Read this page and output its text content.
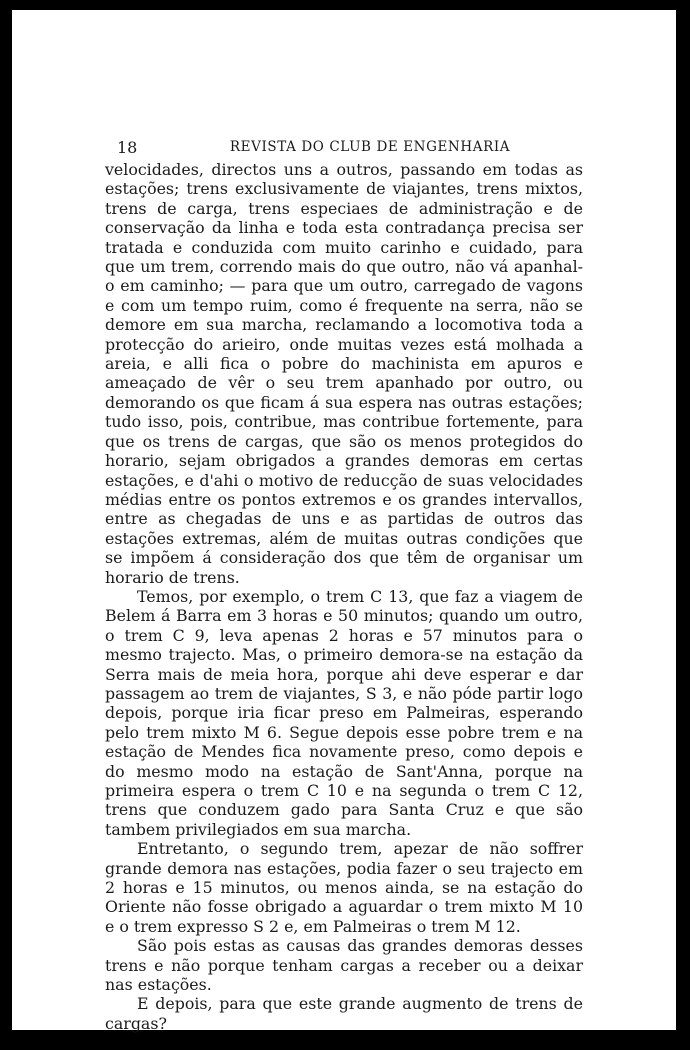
18	REVISTA DO CLUB DE ENGENHARIA

velocidades, directos uns a outros, passando em todas as estações; trens exclusivamente de viajantes, trens mixtos, trens de carga, trens especiaes de administração e de conservação da linha e toda esta contradança precisa ser tratada e conduzida com muito carinho e cuidado, para que um trem, correndo mais do que outro, não vá apanhal-o em caminho; — para que um outro, carregado de vagons e com um tempo ruim, como é frequente na serra, não se demore em sua marcha, reclamando a locomotiva toda a protecção do arieiro, onde muitas vezes está molhada a areia, e alli fica o pobre do machinista em apuros e ameaçado de vêr o seu trem apanhado por outro, ou demorando os que ficam á sua espera nas outras estações; tudo isso, pois, contribue, mas contribue fortemente, para que os trens de cargas, que são os menos protegidos do horario, sejam obrigados a grandes demoras em certas estações, e d'ahi o motivo de reducção de suas velocidades médias entre os pontos extremos e os grandes intervallos, entre as chegadas de uns e as partidas de outros das estações extremas, além de muitas outras condições que se impõem á consideração dos que têm de organisar um horario de trens.

Temos, por exemplo, o trem C 13, que faz a viagem de Belem á Barra em 3 horas e 50 minutos; quando um outro, o trem C 9, leva apenas 2 horas e 57 minutos para o mesmo trajecto. Mas, o primeiro demora-se na estação da Serra mais de meia hora, porque ahi deve esperar e dar passagem ao trem de viajantes, S 3, e não póde partir logo depois, porque iria ficar preso em Palmeiras, esperando pelo trem mixto M 6. Segue depois esse pobre trem e na estação de Mendes fica novamente preso, como depois e do mesmo modo na estação de Sant'Anna, porque na primeira espera o trem C 10 e na segunda o trem C 12, trens que conduzem gado para Santa Cruz e que são tambem privilegiados em sua marcha.

Entretanto, o segundo trem, apezar de não soffrer grande demora nas estações, podia fazer o seu trajecto em 2 horas e 15 minutos, ou menos ainda, se na estação do Oriente não fosse obrigado a aguardar o trem mixto M 10 e o trem expresso S 2 e, em Palmeiras o trem M 12.

São pois estas as causas das grandes demoras desses trens e não porque tenham cargas a receber ou a deixar nas estações.

E depois, para que este grande augmento de trens de cargas?
